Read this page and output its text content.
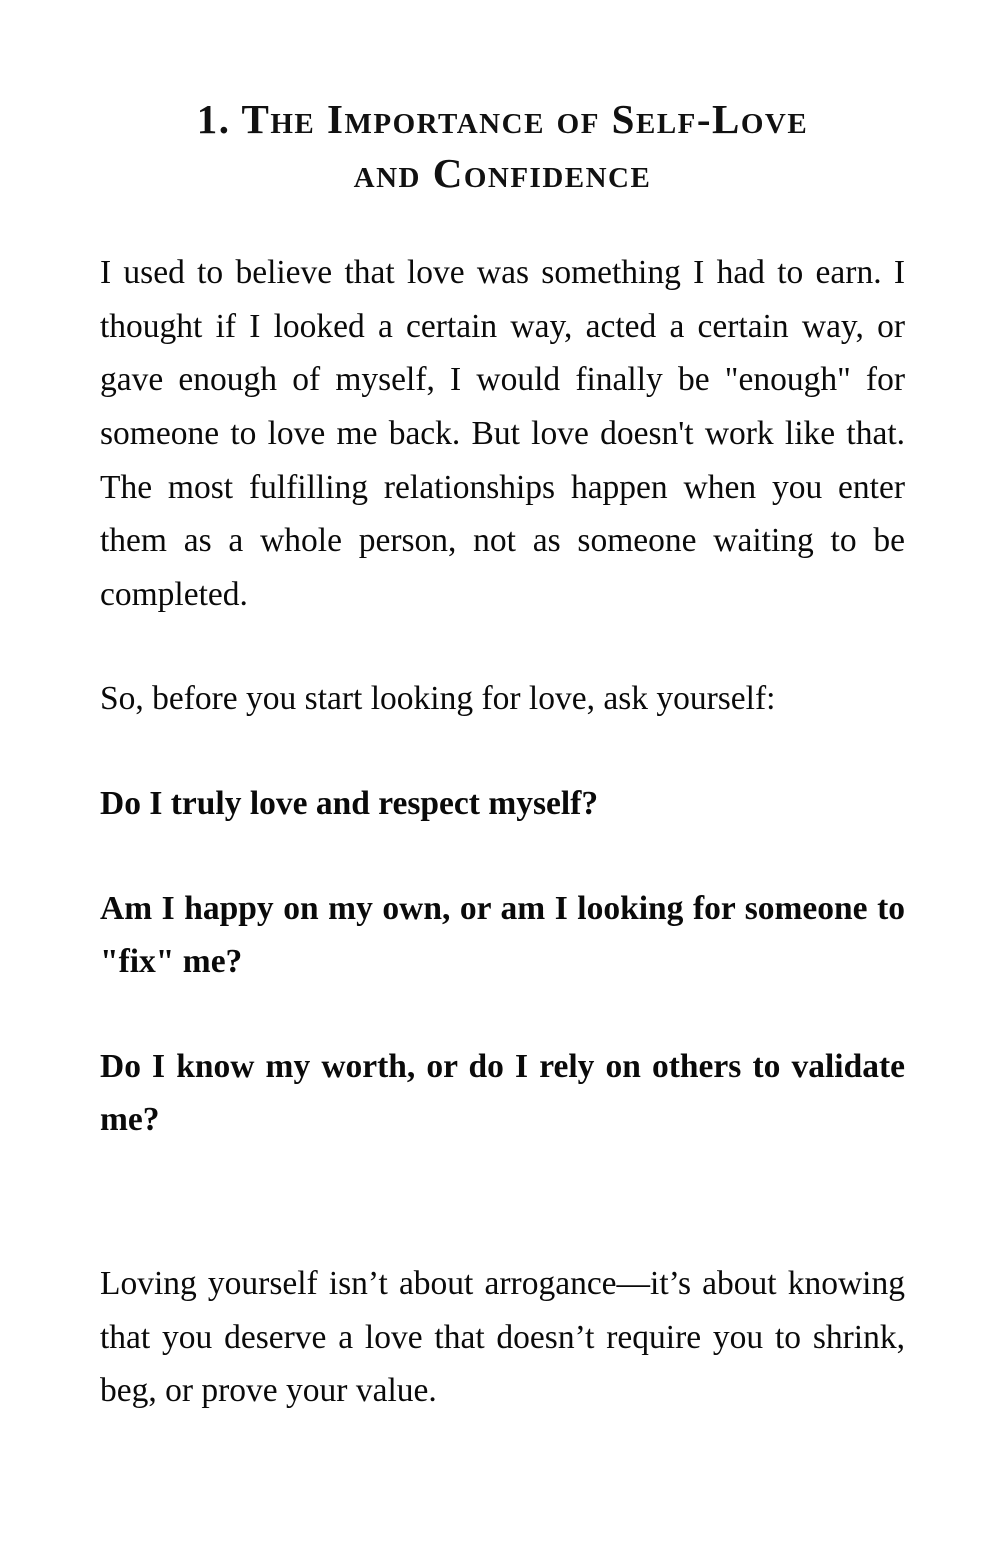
1. The Importance of Self-Love
and Confidence

I used to believe that love was something I had to earn. I thought if I looked a certain way, acted a certain way, or gave enough of myself, I would finally be "enough" for someone to love me back. But love doesn't work like that. The most fulfilling relationships happen when you enter them as a whole person, not as someone waiting to be completed.

So, before you start looking for love, ask yourself:

Do I truly love and respect myself?

Am I happy on my own, or am I looking for someone to "fix" me?

Do I know my worth, or do I rely on others to validate me?

Loving yourself isn’t about arrogance—it’s about knowing that you deserve a love that doesn’t require you to shrink, beg, or prove your value.
